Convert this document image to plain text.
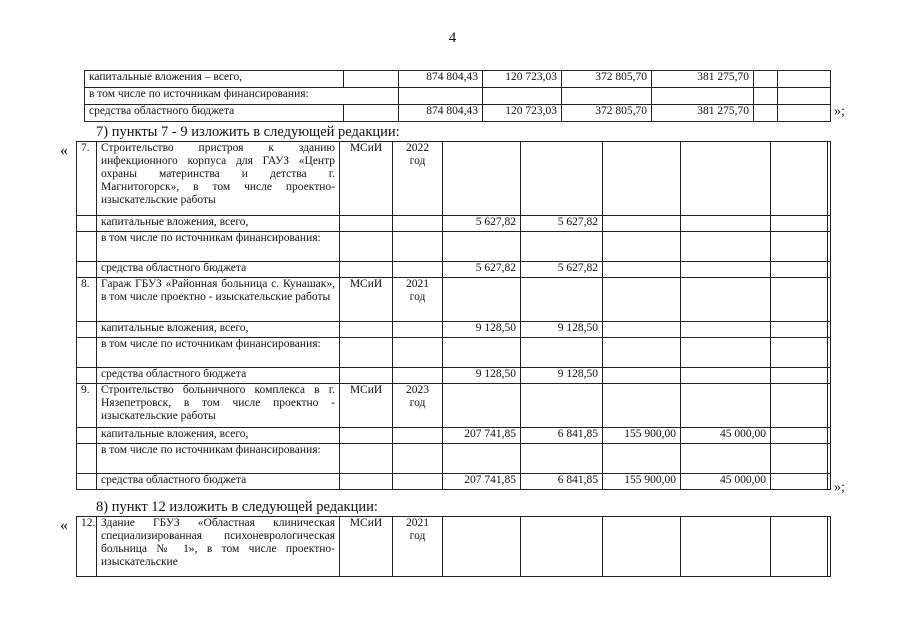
4
капитальные вложения – всего,		874 804,43	120 723,03	372 805,70	381 275,70		
в том числе по источникам финансирования:							
средства областного бюджета		874 804,43	120 723,03	372 805,70	381 275,70			»;
7) пункты 7 - 9 изложить в следующей редакции:
« 7.	Строительство пристроя к зданию инфекционного корпуса для ГАУЗ «Центр охраны материнства и детства г. Магнитогорск», в том числе проектно-изыскательские работы	МСиИ	2022 год						
	капитальные вложения, всего,			5 627,82	5 627,82				
	в том числе по источникам финансирования:								
	средства областного бюджета			5 627,82	5 627,82				
8.	Гараж ГБУЗ «Районная больница с. Кунашак», в том числе проектно - изыскательские работы	МСиИ	2021 год						
	капитальные вложения, всего,			9 128,50	9 128,50				
	в том числе по источникам финансирования:								
	средства областного бюджета			9 128,50	9 128,50				
9.	Строительство больничного комплекса в г. Нязепетровск, в том числе проектно - изыскательские работы	МСиИ	2023 год						
	капитальные вложения, всего,			207 741,85	6 841,85	155 900,00	45 000,00		
	в том числе по источникам финансирования:								
	средства областного бюджета			207 741,85	6 841,85	155 900,00	45 000,00			»;
8) пункт 12 изложить в следующей редакции:
« 12.	Здание ГБУЗ «Областная клиническая специализированная психоневрологическая больница № 1», в том числе проектно-изыскательские	МСиИ	2021 год						
